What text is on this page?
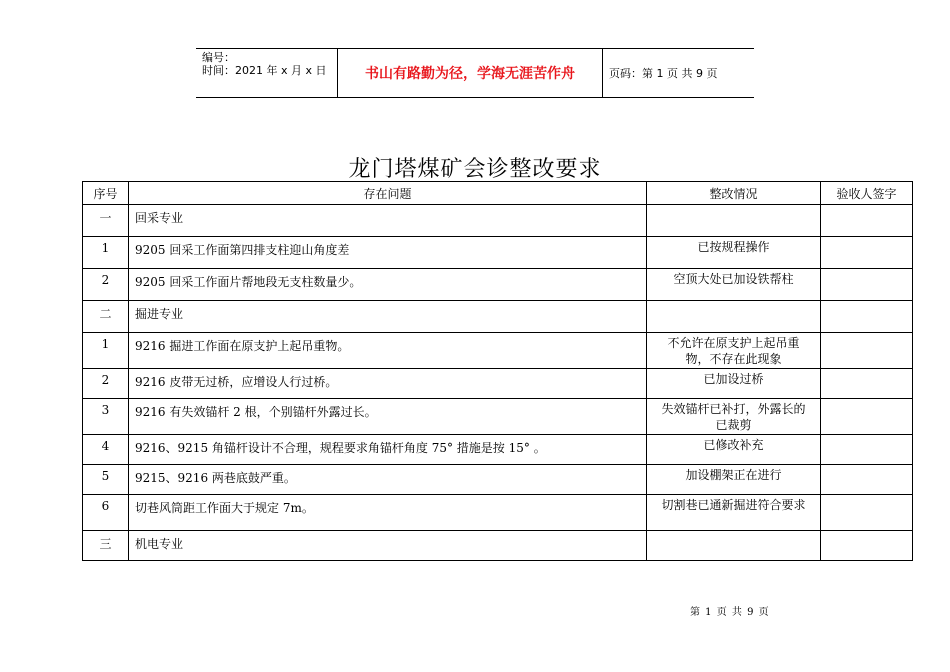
编号：
时间：2021 年 x 月 x 日	书山有路勤为径，学海无涯苦作舟	页码：第 1 页 共 9 页
龙门塔煤矿会诊整改要求
序号	存在问题	整改情况	验收人签字
一	回采专业		
1	9205 回采工作面第四排支柱迎山角度差	已按规程操作	
2	9205 回采工作面片帮地段无支柱数量少。	空顶大处已加设铁帮柱	
二	掘进专业		
1	9216 掘进工作面在原支护上起吊重物。	不允许在原支护上起吊重物，不存在此现象	
2	9216 皮带无过桥，应增设人行过桥。	已加设过桥	
3	9216 有失效锚杆 2 根，个别锚杆外露过长。	失效锚杆已补打，外露长的已裁剪	
4	9216、9215 角锚杆设计不合理，规程要求角锚杆角度 75° 措施是按 15° 。	已修改补充	
5	9215、9216 两巷底鼓严重。	加设棚架正在进行	
6	切巷风筒距工作面大于规定 7m。	切割巷已通新掘进符合要求	
三	机电专业		
第 1 页 共 9 页
